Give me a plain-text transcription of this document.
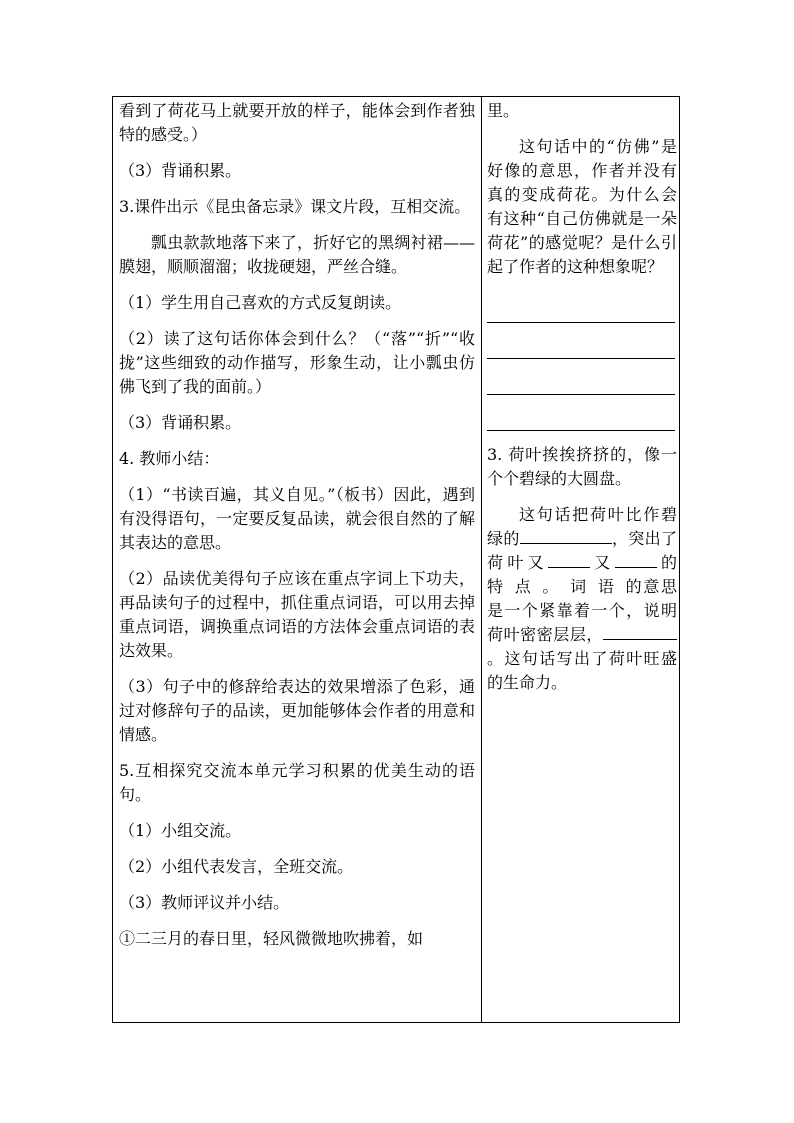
看到了荷花马上就要开放的样子，能体会到作者独特的感受。）

（3）背诵积累。

3.课件出示《昆虫备忘录》课文片段，互相交流。

瓢虫款款地落下来了，折好它的黑绸衬裙——膜翅，顺顺溜溜；收拢硬翅，严丝合缝。

（1）学生用自己喜欢的方式反复朗读。

（2）读了这句话你体会到什么？（“落”“折”“收拢”这些细致的动作描写，形象生动，让小瓢虫仿佛飞到了我的面前。）

（3）背诵积累。

4. 教师小结：

（1）“书读百遍，其义自见。”（板书）因此，遇到有没得语句，一定要反复品读，就会很自然的了解其表达的意思。

（2）品读优美得句子应该在重点字词上下功夫，再品读句子的过程中，抓住重点词语，可以用去掉重点词语，调换重点词语的方法体会重点词语的表达效果。

（3）句子中的修辞给表达的效果增添了色彩，通过对修辞句子的品读，更加能够体会作者的用意和情感。

5.互相探究交流本单元学习积累的优美生动的语句。

（1）小组交流。

（2）小组代表发言，全班交流。

（3）教师评议并小结。

①二三月的春日里，轻风微微地吹拂着，如

里。

这句话中的“仿佛”是好像的意思，作者并没有真的变成荷花。为什么会有这种“自己仿佛就是一朵荷花”的感觉呢？是什么引起了作者的这种想象呢？

3. 荷叶挨挨挤挤的，像一个个碧绿的大圆盘。

这句话把荷叶比作碧绿的	，突出了荷叶又	又	的特点。词语的意思是一个紧靠着一个，说明荷叶密密层层，。这句话写出了荷叶旺盛的生命力。
